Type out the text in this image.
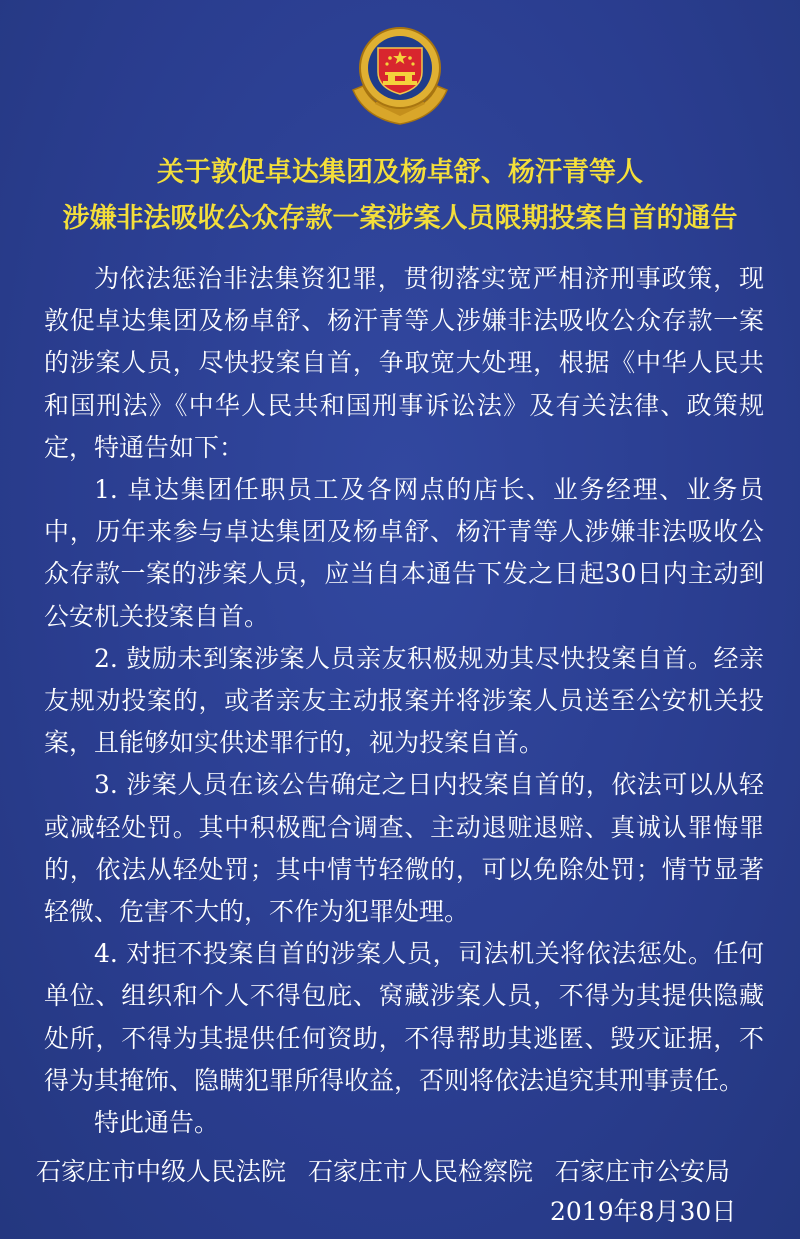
关于敦促卓达集团及杨卓舒、杨汗青等人
涉嫌非法吸收公众存款一案涉案人员限期投案自首的通告

为依法惩治非法集资犯罪，贯彻落实宽严相济刑事政策，现敦促卓达集团及杨卓舒、杨汗青等人涉嫌非法吸收公众存款一案的涉案人员，尽快投案自首，争取宽大处理，根据《中华人民共和国刑法》《中华人民共和国刑事诉讼法》及有关法律、政策规定，特通告如下：

1. 卓达集团任职员工及各网点的店长、业务经理、业务员中，历年来参与卓达集团及杨卓舒、杨汗青等人涉嫌非法吸收公众存款一案的涉案人员，应当自本通告下发之日起30日内主动到公安机关投案自首。

2. 鼓励未到案涉案人员亲友积极规劝其尽快投案自首。经亲友规劝投案的，或者亲友主动报案并将涉案人员送至公安机关投案，且能够如实供述罪行的，视为投案自首。

3. 涉案人员在该公告确定之日内投案自首的，依法可以从轻或减轻处罚。其中积极配合调查、主动退赃退赔、真诚认罪悔罪的，依法从轻处罚；其中情节轻微的，可以免除处罚；情节显著轻微、危害不大的，不作为犯罪处理。

4. 对拒不投案自首的涉案人员，司法机关将依法惩处。任何单位、组织和个人不得包庇、窝藏涉案人员，不得为其提供隐藏处所，不得为其提供任何资助，不得帮助其逃匿、毁灭证据，不得为其掩饰、隐瞒犯罪所得收益，否则将依法追究其刑事责任。

特此通告。

石家庄市中级人民法院 石家庄市人民检察院 石家庄市公安局
2019年8月30日
